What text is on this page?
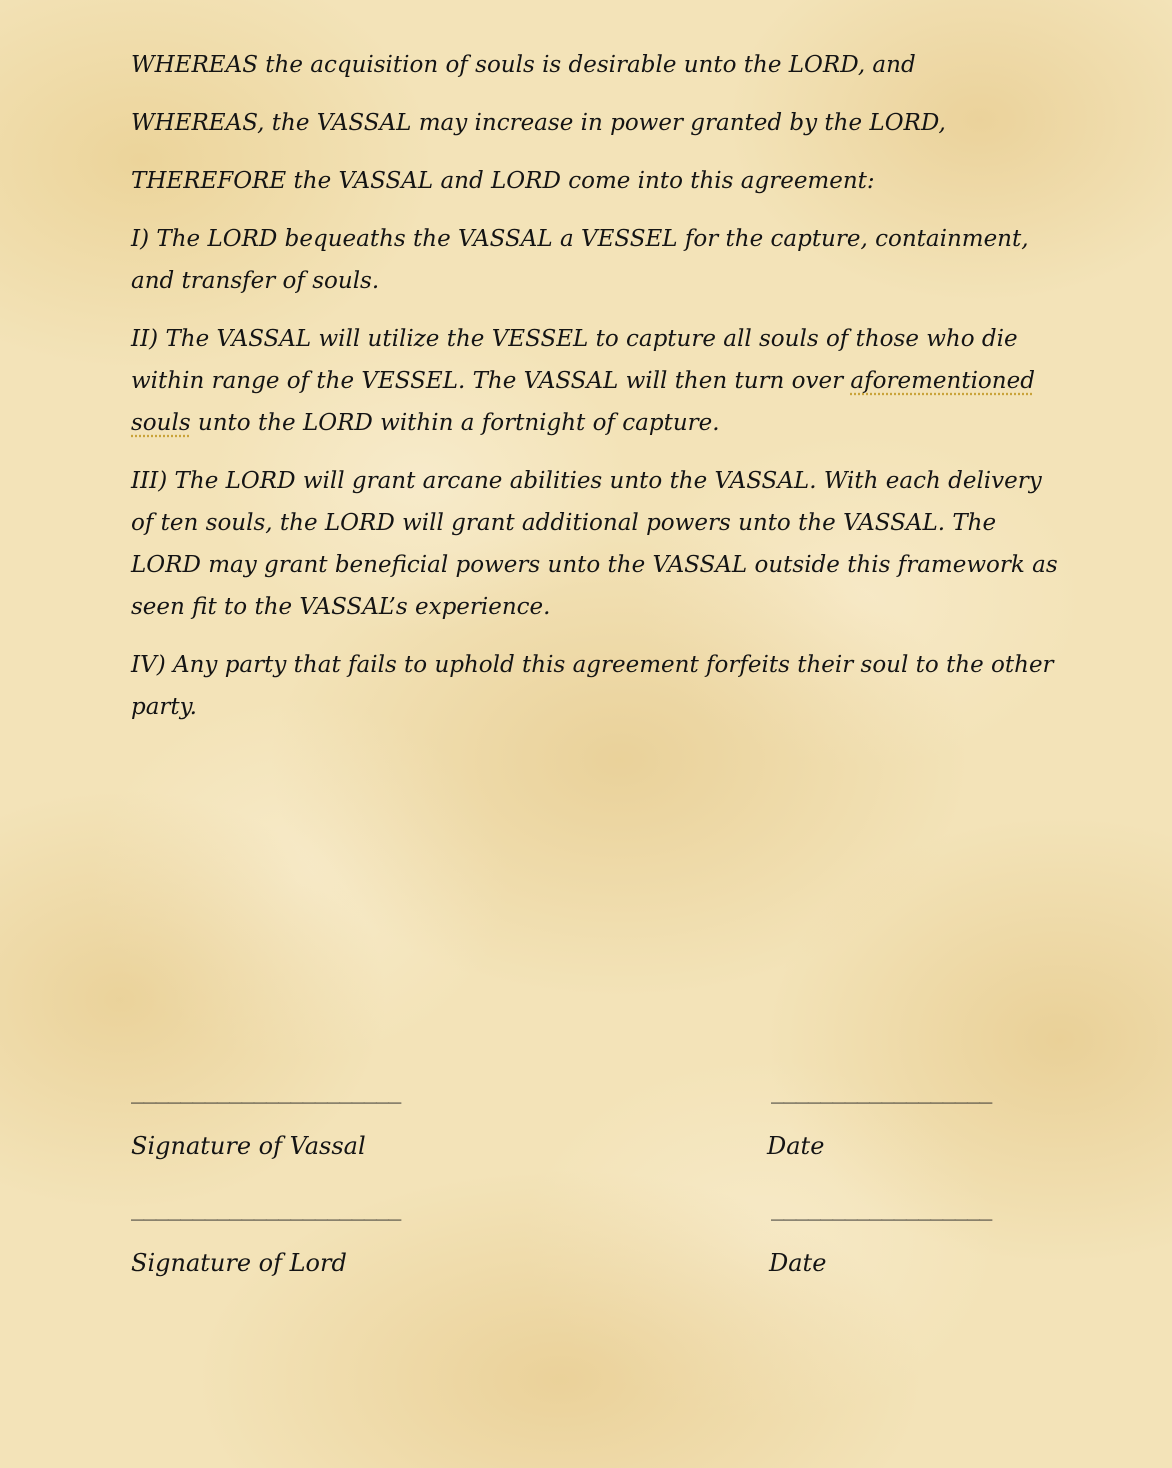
WHEREAS the acquisition of souls is desirable unto the LORD, and

WHEREAS, the VASSAL may increase in power granted by the LORD,

THEREFORE the VASSAL and LORD come into this agreement:

I) The LORD bequeaths the VASSAL a VESSEL for the capture, containment, and transfer of souls.

II) The VASSAL will utilize the VESSEL to capture all souls of those who die within range of the VESSEL. The VASSAL will then turn over aforementioned souls unto the LORD within a fortnight of capture.

III) The LORD will grant arcane abilities unto the VASSAL. With each delivery of ten souls, the LORD will grant additional powers unto the VASSAL. The LORD may grant beneficial powers unto the VASSAL outside this framework as seen fit to the VASSAL’s experience.

IV) Any party that fails to uphold this agreement forfeits their soul to the other party.

______________________	__________________
Signature of Vassal	Date
______________________	__________________
Signature of Lord	Date
